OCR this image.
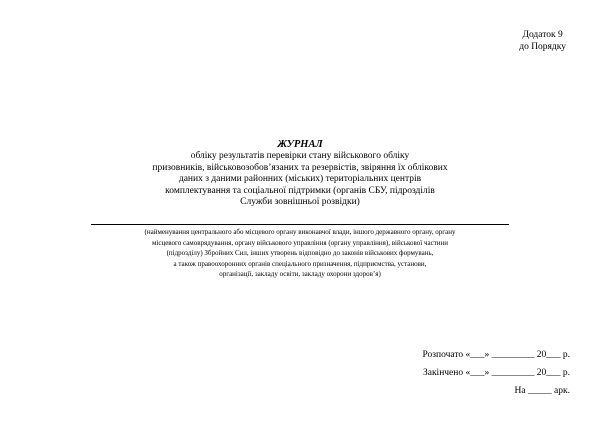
Додаток 9
до Порядку
ЖУРНАЛ
обліку результатів перевірки стану військового обліку
призовників, військовозобов’язаних та резервістів, звіряння їх облікових
даних з даними районних (міських) територіальних центрів
комплектування та соціальної підтримки (органів СБУ, підрозділів
Служби зовнішньої розвідки)
(найменування центрального або місцевого органу виконавчої влади, іншого державного органу, органу
місцевого самоврядування, органу військового управління (органу управління), військової частини
(підрозділу) Збройних Сил, інших утворень відповідно до законів військових формувань,
а також правоохоронних органів спеціального призначення, підприємства, установи,
організації, закладу освіти, закладу охорони здоров’я)
Розпочато «___» _________ 20___ р.
Закінчено «___» _________ 20___ р.
На _____ арк.
